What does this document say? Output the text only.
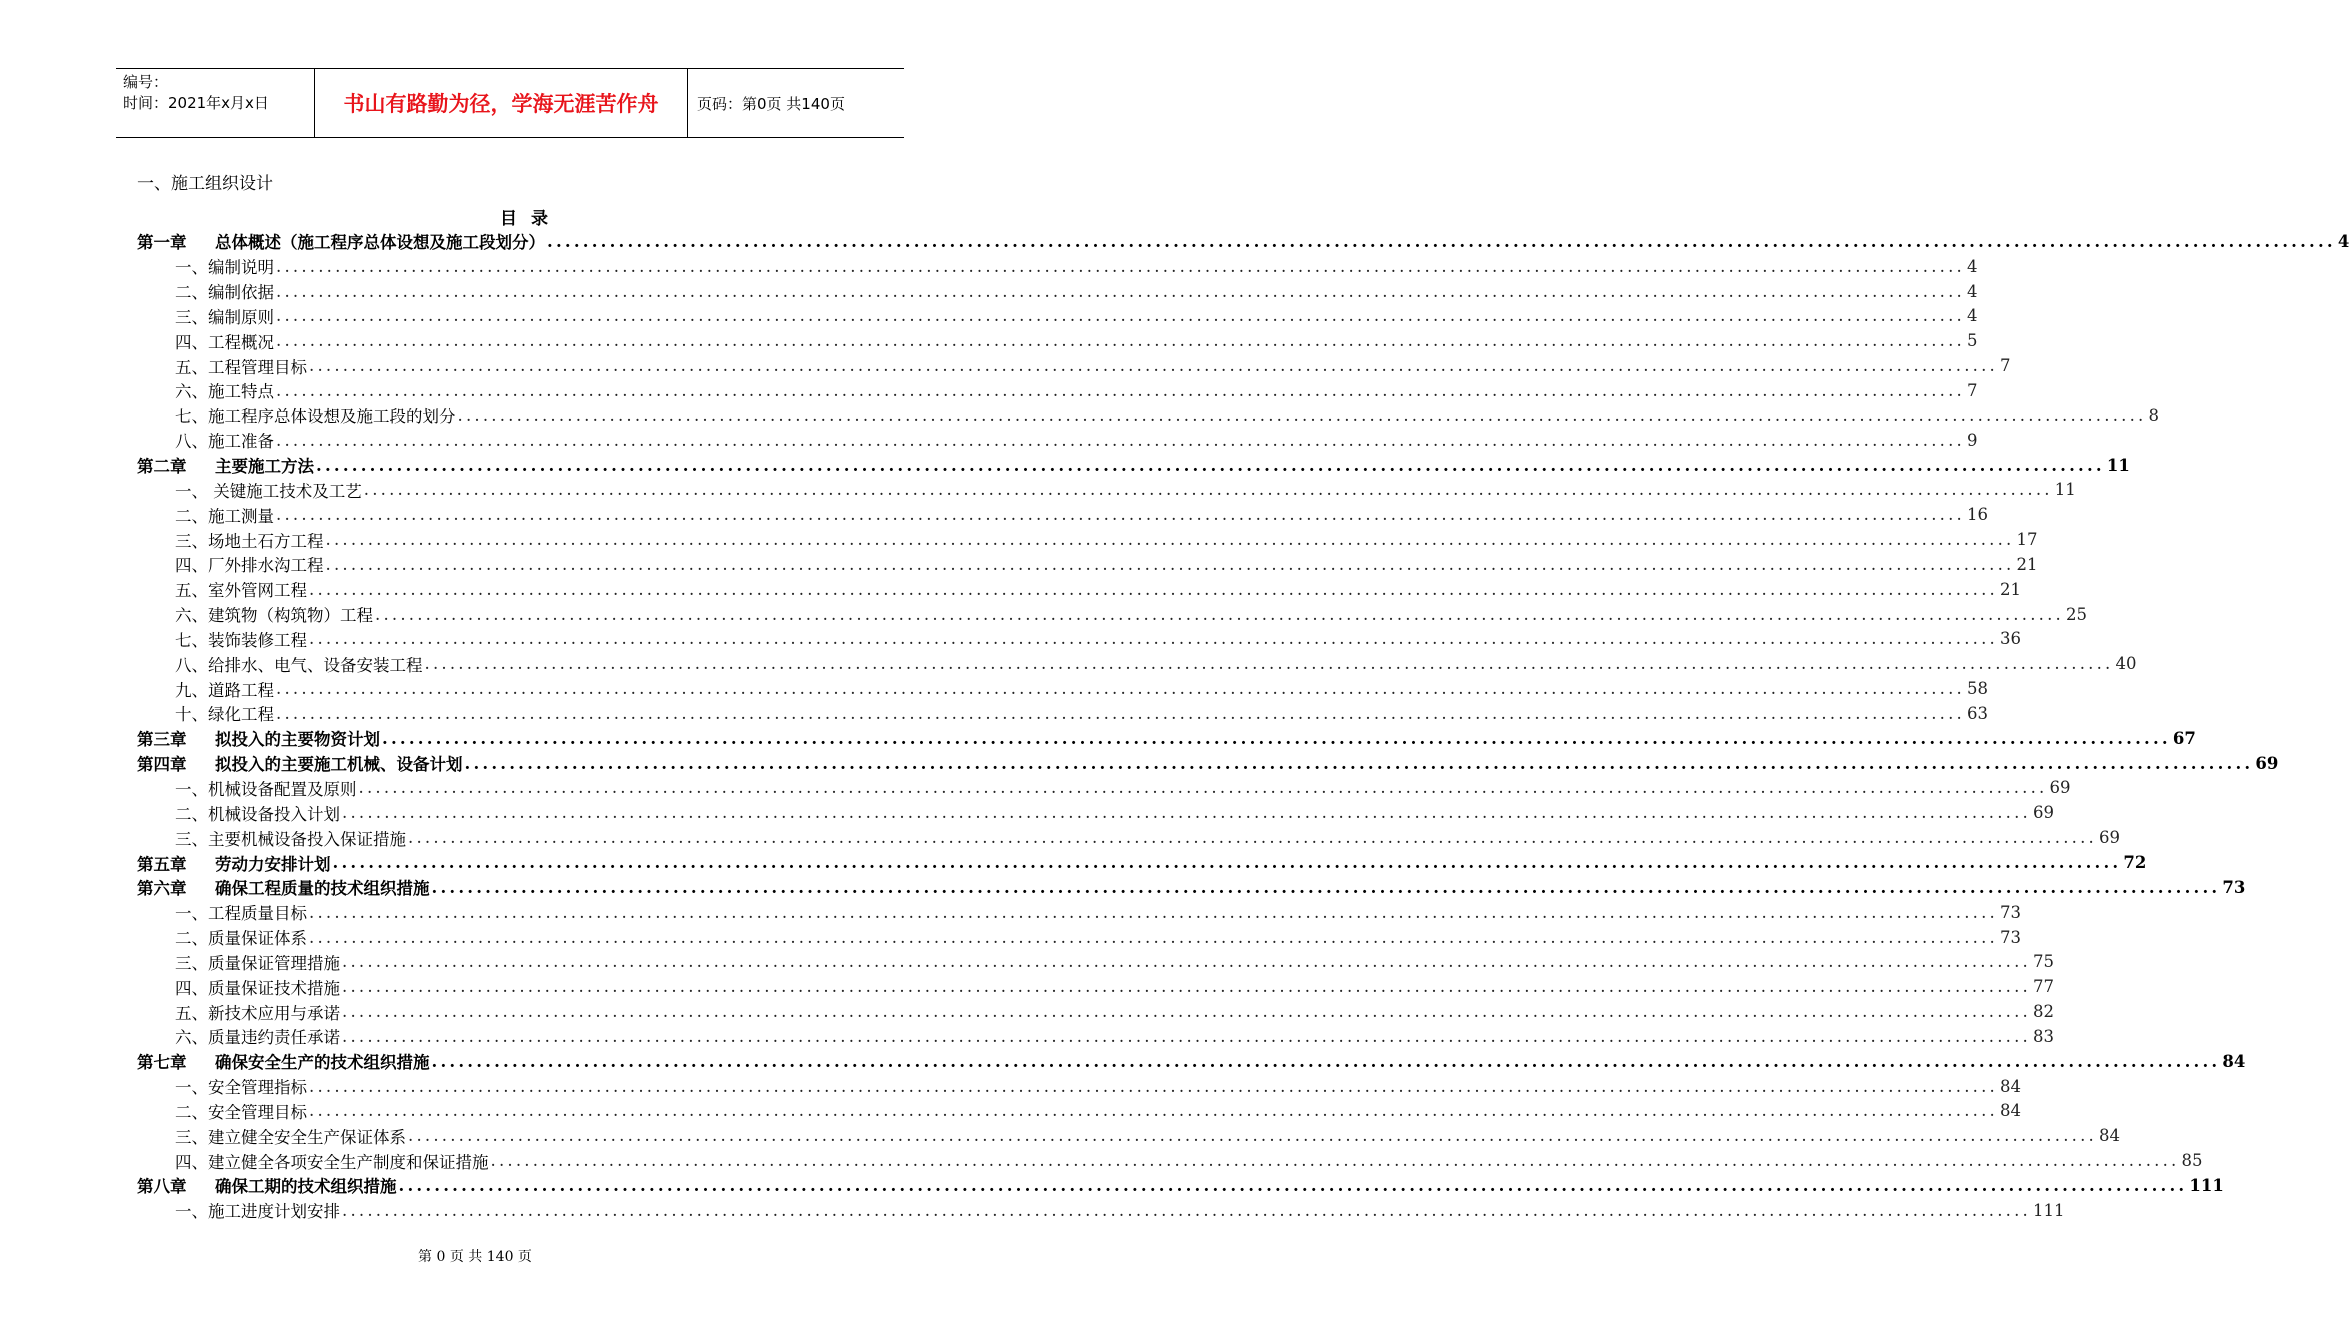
编号：
时间：2021年x月x日	书山有路勤为径，学海无涯苦作舟	页码：第0页 共140页
一、施工组织设计
目录
第一章 总体概述（施工程序总体设想及施工段划分） ........................................................................................................................................................................................................ 4
一、编制说明 ........................................................................................................................................................................................................ 4
二、编制依据 ........................................................................................................................................................................................................ 4
三、编制原则 ........................................................................................................................................................................................................ 4
四、工程概况 ........................................................................................................................................................................................................ 5
五、工程管理目标 ........................................................................................................................................................................................................ 7
六、施工特点 ........................................................................................................................................................................................................ 7
七、施工程序总体设想及施工段的划分 ........................................................................................................................................................................................................ 8
八、施工准备 ........................................................................................................................................................................................................ 9
第二章 主要施工方法 ........................................................................................................................................................................................................ 11
一、 关键施工技术及工艺 ........................................................................................................................................................................................................ 11
二、施工测量 ........................................................................................................................................................................................................ 16
三、场地土石方工程 ........................................................................................................................................................................................................ 17
四、厂外排水沟工程 ........................................................................................................................................................................................................ 21
五、室外管网工程 ........................................................................................................................................................................................................ 21
六、建筑物（构筑物）工程 ........................................................................................................................................................................................................ 25
七、装饰装修工程 ........................................................................................................................................................................................................ 36
八、给排水、电气、设备安装工程 ........................................................................................................................................................................................................ 40
九、道路工程 ........................................................................................................................................................................................................ 58
十、绿化工程 ........................................................................................................................................................................................................ 63
第三章 拟投入的主要物资计划 ........................................................................................................................................................................................................ 67
第四章 拟投入的主要施工机械、设备计划 ........................................................................................................................................................................................................ 69
一、机械设备配置及原则 ........................................................................................................................................................................................................ 69
二、机械设备投入计划 ........................................................................................................................................................................................................ 69
三、主要机械设备投入保证措施 ........................................................................................................................................................................................................ 69
第五章 劳动力安排计划 ........................................................................................................................................................................................................ 72
第六章 确保工程质量的技术组织措施 ........................................................................................................................................................................................................ 73
一、工程质量目标 ........................................................................................................................................................................................................ 73
二、质量保证体系 ........................................................................................................................................................................................................ 73
三、质量保证管理措施 ........................................................................................................................................................................................................ 75
四、质量保证技术措施 ........................................................................................................................................................................................................ 77
五、新技术应用与承诺 ........................................................................................................................................................................................................ 82
六、质量违约责任承诺 ........................................................................................................................................................................................................ 83
第七章 确保安全生产的技术组织措施 ........................................................................................................................................................................................................ 84
一、安全管理指标 ........................................................................................................................................................................................................ 84
二、安全管理目标 ........................................................................................................................................................................................................ 84
三、建立健全安全生产保证体系 ........................................................................................................................................................................................................ 84
四、建立健全各项安全生产制度和保证措施 ........................................................................................................................................................................................................ 85
第八章 确保工期的技术组织措施 ........................................................................................................................................................................................................ 111
一、施工进度计划安排 ........................................................................................................................................................................................................ 111
第 0 页 共 140 页
